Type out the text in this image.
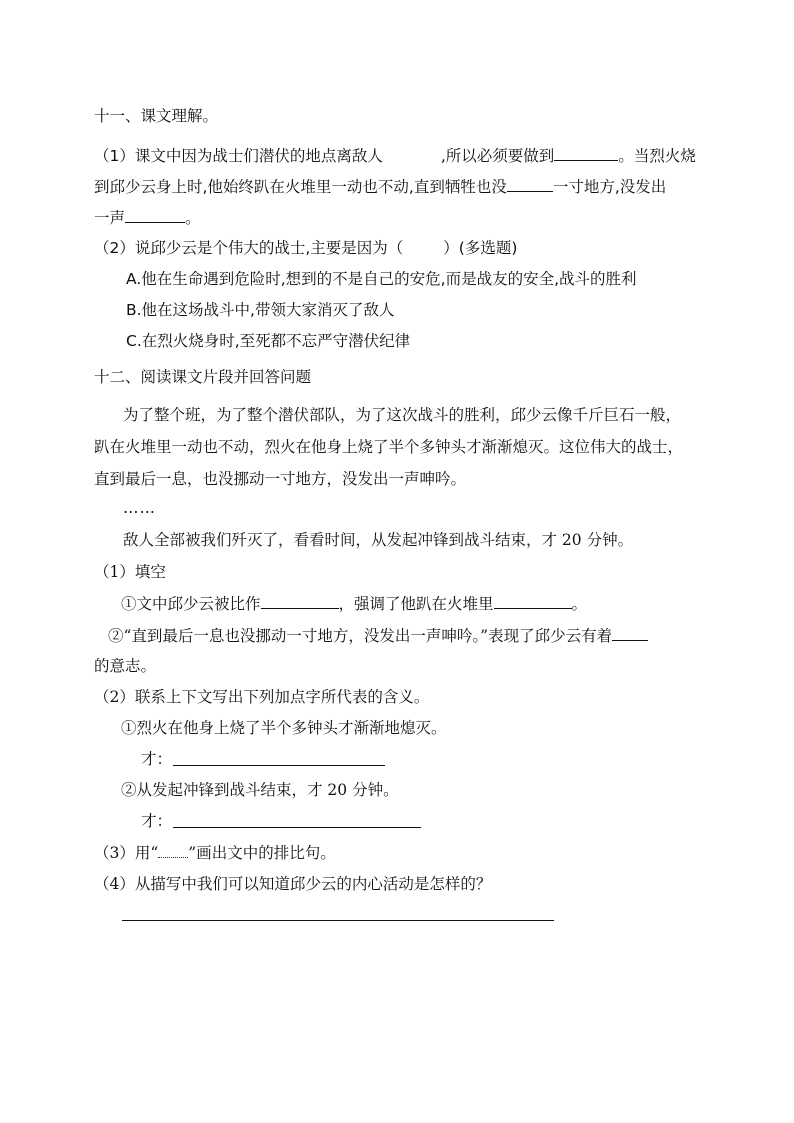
十一、课文理解。
（1）课文中因为战士们潜伏的地点离敌人	,所以必须要做到	。当烈火烧
到邱少云身上时,他始终趴在火堆里一动也不动,直到牺牲也没	一寸地方,没发出
一声	。
（2）说邱少云是个伟大的战士,主要是因为（	）(多选题)
A.他在生命遇到危险时,想到的不是自己的安危,而是战友的安全,战斗的胜利
B.他在这场战斗中,带领大家消灭了敌人
C.在烈火烧身时,至死都不忘严守潜伏纪律
十二、阅读课文片段并回答问题
为了整个班，为了整个潜伏部队，为了这次战斗的胜利，邱少云像千斤巨石一般，
趴在火堆里一动也不动，烈火在他身上烧了半个多钟头才渐渐熄灭。这位伟大的战士，
直到最后一息，也没挪动一寸地方，没发出一声呻吟。
……
敌人全部被我们歼灭了，看看时间，从发起冲锋到战斗结束，才 20 分钟。
（1）填空
①文中邱少云被比作	，强调了他趴在火堆里	。
②“直到最后一息也没挪动一寸地方，没发出一声呻吟。”表现了邱少云有着
的意志。
（2）联系上下文写出下列加点字所代表的含义。
①烈火在他身上烧了半个多钟头才渐渐地熄灭。
才：
②从发起冲锋到战斗结束，才 20 分钟。
才：
（3）用“ ”画出文中的排比句。
（4）从描写中我们可以知道邱少云的内心活动是怎样的？
